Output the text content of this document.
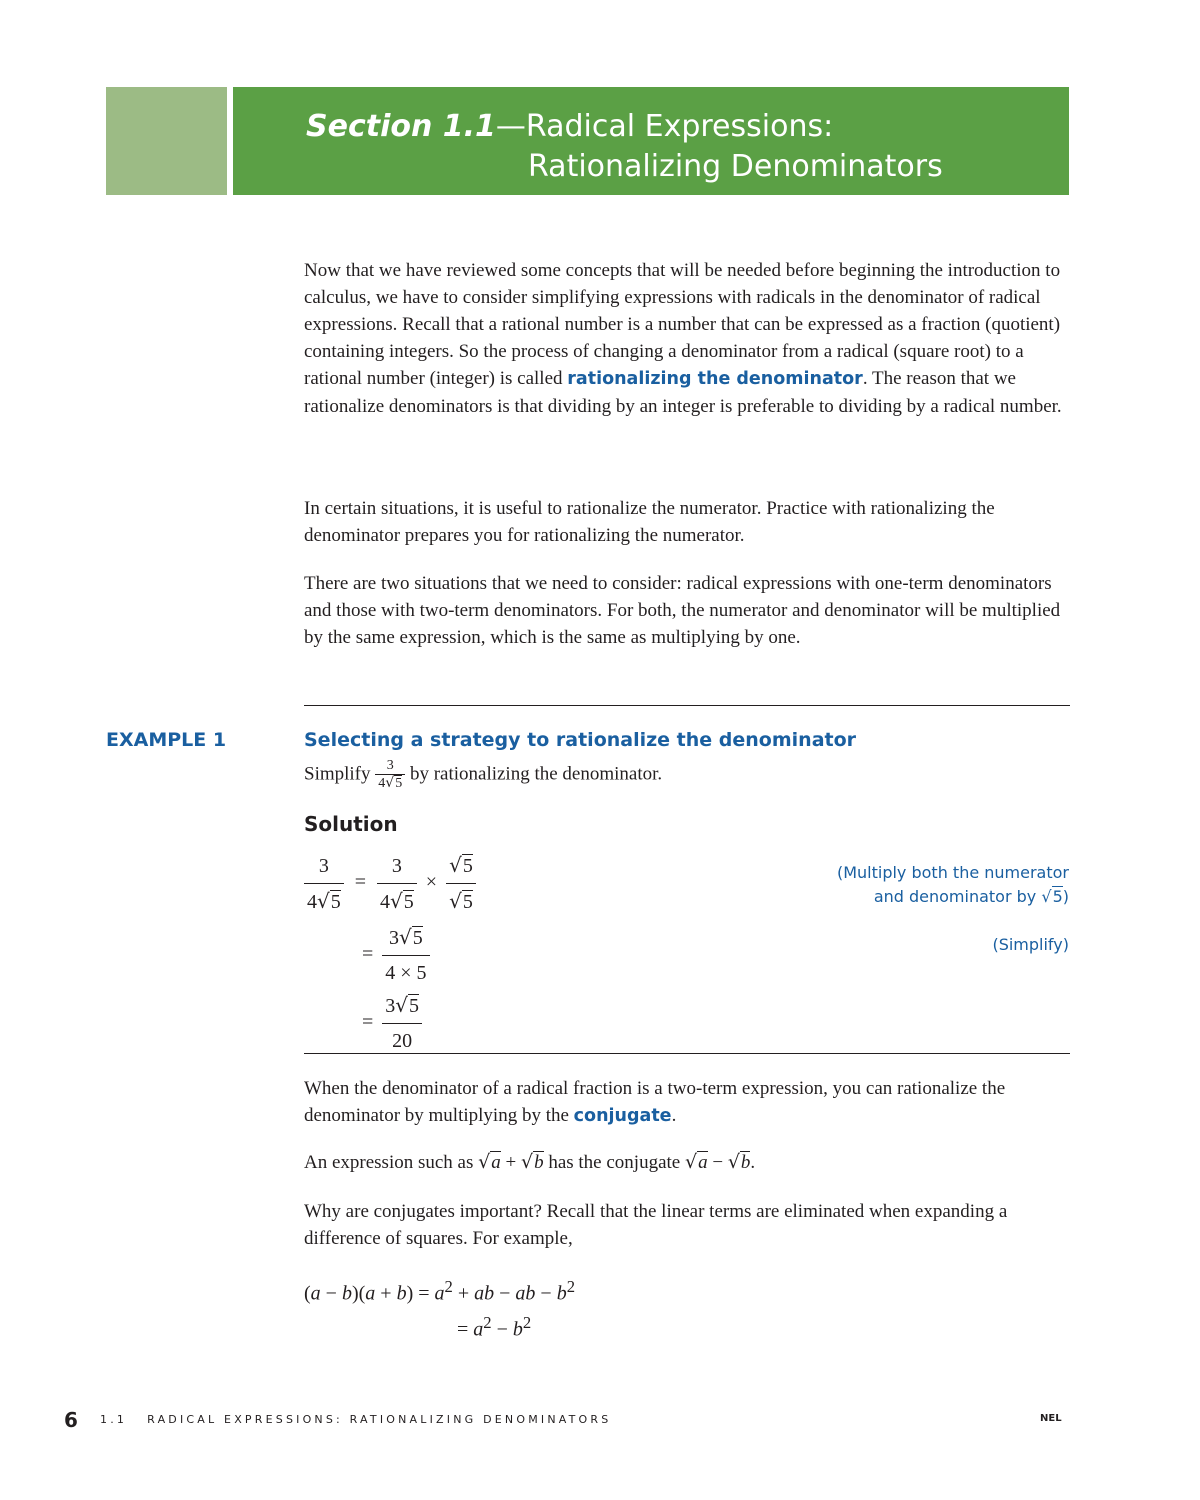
Section 1.1—Radical Expressions:
Rationalizing Denominators

Now that we have reviewed some concepts that will be needed before beginning the introduction to calculus, we have to consider simplifying expressions with radicals in the denominator of radical expressions. Recall that a rational number is a number that can be expressed as a fraction (quotient) containing integers. So the process of changing a denominator from a radical (square root) to a rational number (integer) is called rationalizing the denominator. The reason that we rationalize denominators is that dividing by an integer is preferable to dividing by a radical number.

In certain situations, it is useful to rationalize the numerator. Practice with rationalizing the denominator prepares you for rationalizing the numerator.

There are two situations that we need to consider: radical expressions with one-term denominators and those with two-term denominators. For both, the numerator and denominator will be multiplied by the same expression, which is the same as multiplying by one.

EXAMPLE 1	Selecting a strategy to rationalize the denominator
Simplify $\frac{3}{4√5}$ by rationalizing the denominator.
Solution
$\frac{3}{4√5} = \frac{3}{4√5} \times \frac{√5}{√5}$
= $\frac{3√5}{4 \times 5}$
= $\frac{3√5}{20}$
(Multiply both the numerator
and denominator by √5)
(Simplify)

When the denominator of a radical fraction is a two-term expression, you can rationalize the denominator by multiplying by the conjugate.

An expression such as √a + √b has the conjugate √a − √b.

Why are conjugates important? Recall that the linear terms are eliminated when expanding a difference of squares. For example,

$(a - b)(a + b) = a^2$ + ab − ab − $b^2$
= $a^2 - b^2$
6 1.1   RADICAL EXPRESSIONS: RATIONALIZING DENOMINATORS	NEL
